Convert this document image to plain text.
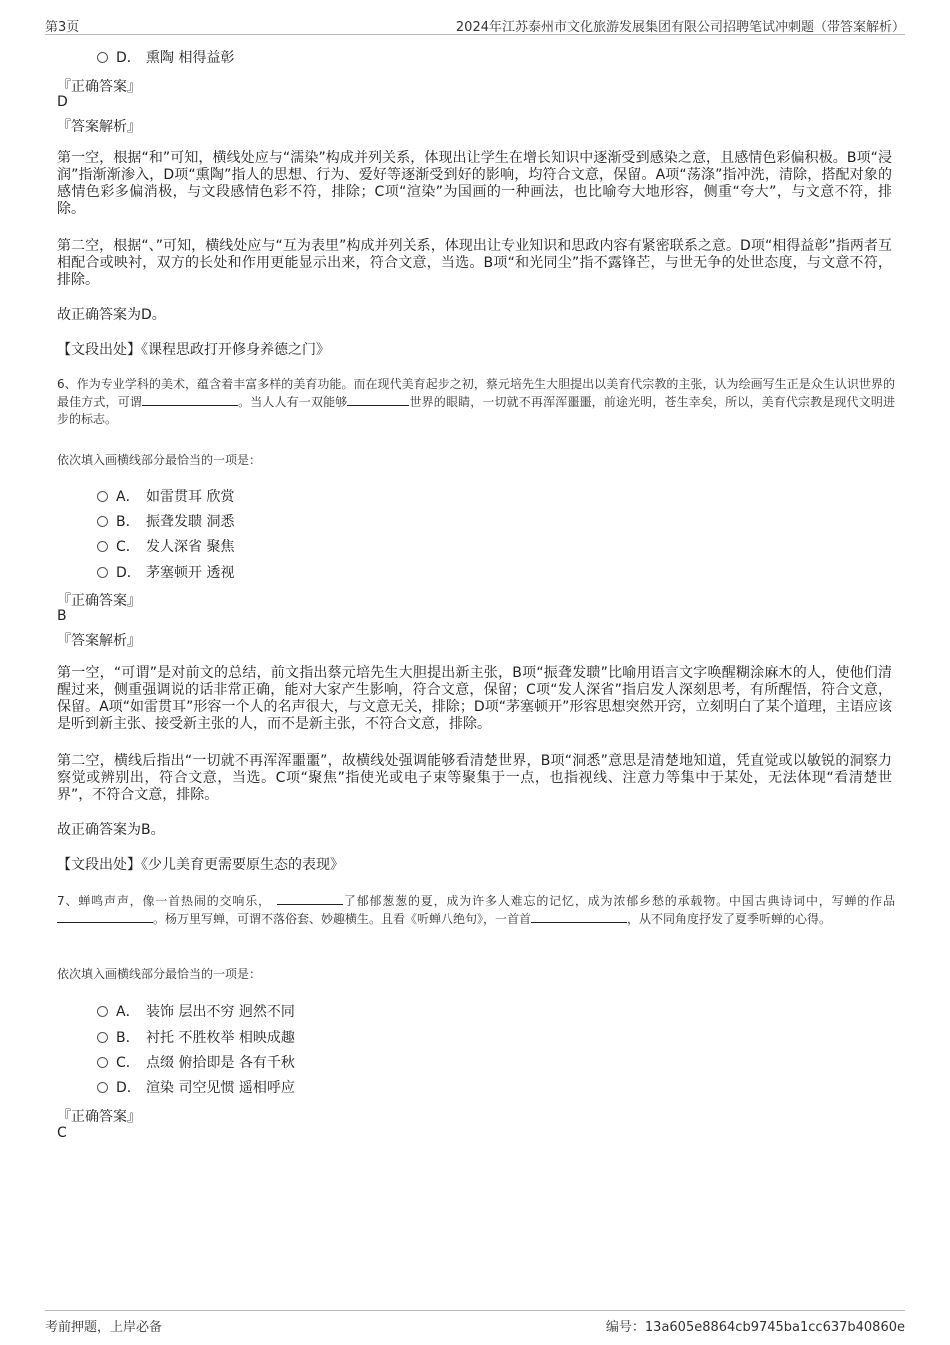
第3页	2024年江苏泰州市文化旅游发展集团有限公司招聘笔试冲刺题（带答案解析）
D． 熏陶 相得益彰
『正确答案』
D
『答案解析』
第一空，根据“和”可知，横线处应与“濡染”构成并列关系，体现出让学生在增长知识中逐渐受到感染之意，且感情色彩偏积极。B项“浸润”指渐渐渗入，D项“熏陶”指人的思想、行为、爱好等逐渐受到好的影响，均符合文意，保留。A项“荡涤”指冲洗，清除，搭配对象的感情色彩多偏消极，与文段感情色彩不符，排除；C项“渲染”为国画的一种画法，也比喻夸大地形容，侧重“夸大”，与文意不符，排除。
第二空，根据“、”可知，横线处应与“互为表里”构成并列关系，体现出让专业知识和思政内容有紧密联系之意。D项“相得益彰”指两者互相配合或映衬，双方的长处和作用更能显示出来，符合文意，当选。B项“和光同尘”指不露锋芒，与世无争的处世态度，与文意不符，排除。
故正确答案为D。
【文段出处】《课程思政打开修身养德之门》
6、作为专业学科的美术，蕴含着丰富多样的美育功能。而在现代美育起步之初，蔡元培先生大胆提出以美育代宗教的主张，认为绘画写生正是众生认识世界的最佳方式，可谓	。当人人有一双能够	世界的眼睛，一切就不再浑浑噩噩，前途光明，苍生幸矣，所以，美育代宗教是现代文明进步的标志。
依次填入画横线部分最恰当的一项是：
A． 如雷贯耳 欣赏
B． 振聋发聩 洞悉
C． 发人深省 聚焦
D． 茅塞顿开 透视
『正确答案』
B
『答案解析』
第一空，“可谓”是对前文的总结，前文指出蔡元培先生大胆提出新主张，B项“振聋发聩”比喻用语言文字唤醒糊涂麻木的人，使他们清醒过来，侧重强调说的话非常正确，能对大家产生影响，符合文意，保留；C项“发人深省”指启发人深刻思考，有所醒悟，符合文意，保留。A项“如雷贯耳”形容一个人的名声很大，与文意无关，排除；D项“茅塞顿开”形容思想突然开窍，立刻明白了某个道理，主语应该是听到新主张、接受新主张的人，而不是新主张，不符合文意，排除。
第二空，横线后指出“一切就不再浑浑噩噩”，故横线处强调能够看清楚世界，B项“洞悉”意思是清楚地知道，凭直觉或以敏锐的洞察力察觉或辨别出，符合文意，当选。C项“聚焦”指使光或电子束等聚集于一点，也指视线、注意力等集中于某处，无法体现“看清楚世界”，不符合文意，排除。
故正确答案为B。
【文段出处】《少儿美育更需要原生态的表现》
7、蝉鸣声声，像一首热闹的交响乐，	了郁郁葱葱的夏，成为许多人难忘的记忆，成为浓郁乡愁的承载物。中国古典诗词中，写蝉的作品。杨万里写蝉，可谓不落俗套、妙趣横生。且看《听蝉八绝句》，一首首	，从不同角度抒发了夏季听蝉的心得。
依次填入画横线部分最恰当的一项是：
A． 装饰 层出不穷 迥然不同
B． 衬托 不胜枚举 相映成趣
C． 点缀 俯拾即是 各有千秋
D． 渲染 司空见惯 遥相呼应
『正确答案』
C
考前押题，上岸必备	编号：13a605e8864cb9745ba1cc637b40860e
